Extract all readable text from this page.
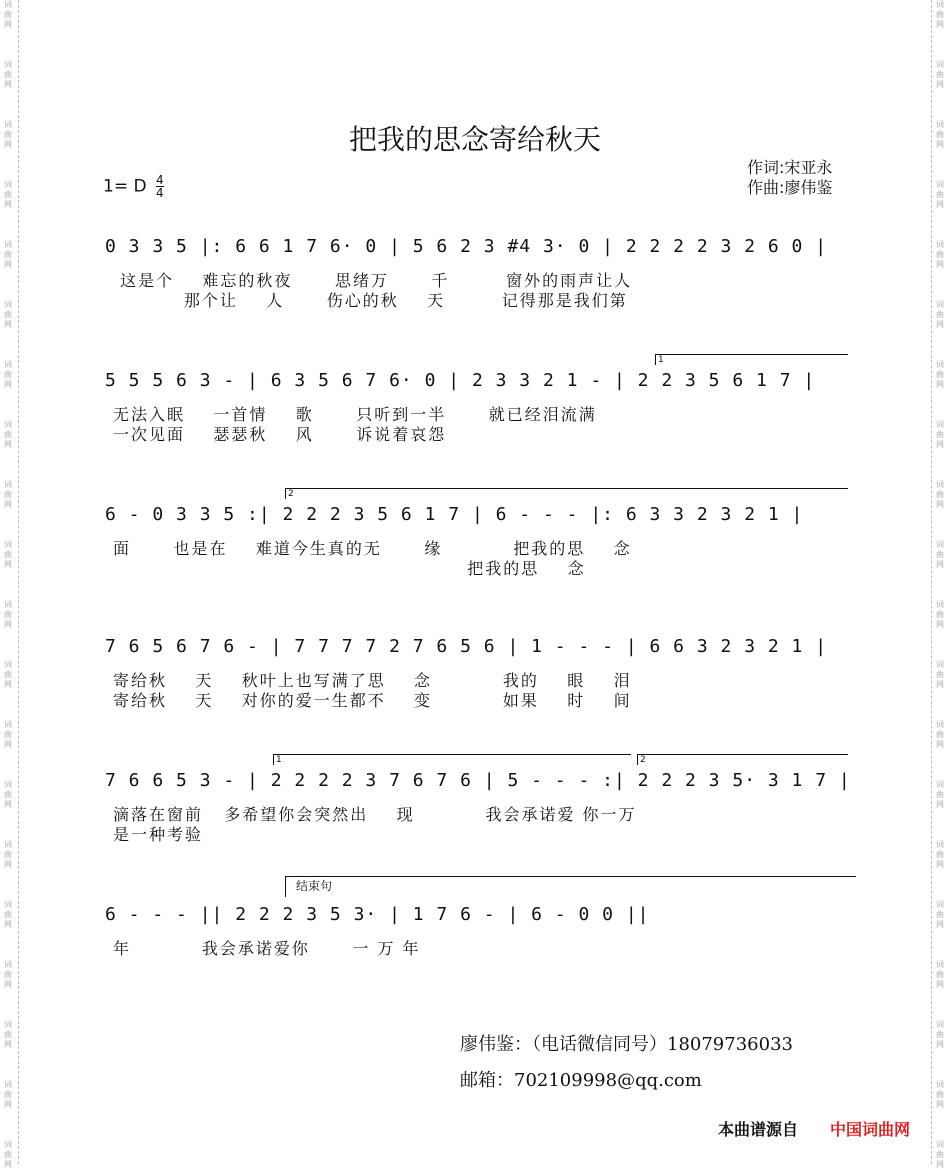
词曲网
词曲网
词曲网
词曲网
词曲网
词曲网
词曲网
词曲网
词曲网
词曲网
词曲网
词曲网
词曲网
词曲网
词曲网
词曲网
词曲网
词曲网
词曲网
词曲网
词曲网
词曲网
词曲网
词曲网
词曲网
词曲网
词曲网
词曲网
词曲网
词曲网
词曲网
词曲网
词曲网
词曲网
词曲网
词曲网
词曲网
词曲网
词曲网
词曲网
把我的思念寄给秋天
1= D $\frac{4}{4}$
作词:宋亚永
作曲:廖伟鉴
0 3 3 5 |: 6 6 1 7 6· 0 | 5 6 2 3 #4 3· 0 | 2 2 2 2 3 2 6 0 |
这是个    难忘的秋夜      思绪万      千        窗外的雨声让人
那个让    人      伤心的秋    天        记得那是我们第
1
5 5 5 6 3 - | 6 3 5 6 7 6· 0 | 2 3 3 2 1 - | 2 2 3 5 6 1 7 |
无法入眠    一首情    歌      只听到一半      就已经泪流满
一次见面    瑟瑟秋    风      诉说着哀怨
2
6 - 0 3 3 5 :| 2 2 2 3 5 6 1 7 | 6 - - - |: 6 3 3 2 3 2 1 |
面      也是在    难道今生真的无      缘          把我的思    念
把我的思    念
7 6 5 6 7 6 - | 7 7 7 7 2 7 6 5 6 | 1 - - - | 6 6 3 2 3 2 1 |
寄给秋    天    秋叶上也写满了思    念          我的    眼    泪
寄给秋    天    对你的爱一生都不    变          如果    时    间
1	2
7 6 6 5 3 - | 2 2 2 2 3 7 6 7 6 | 5 - - - :| 2 2 2 3 5· 3 1 7 |
滴落在窗前   多希望你会突然出    现          我会承诺爱 你一万
是一种考验
结束句
6 - - - || 2 2 2 3 5 3· | 1 7 6 - | 6 - 0 0 ||
年          我会承诺爱你      一 万 年
廖伟鉴：（电话微信同号）18079736033
邮箱：702109998@qq.com
本曲谱源自 中国词曲网
